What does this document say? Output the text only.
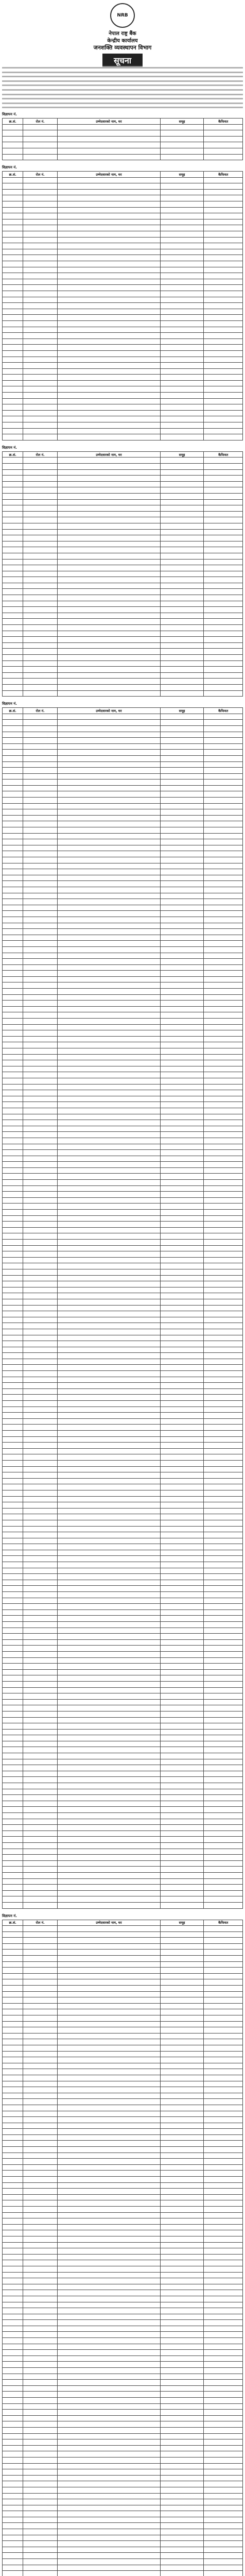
NRB
नेपाल राष्ट्र बैंक
केन्द्रीय कार्यालय
जनशक्ति व्यवस्थापन विभाग
सूचना
विज्ञापन नं.
क्र.सं.	रोल नं.	उम्मेदवारको नाम, थर	समूह	कैफियत

विज्ञापन नं.
क्र.सं.	रोल नं.	उम्मेदवारको नाम, थर	समूह	कैफियत

विज्ञापन नं.
क्र.सं.	रोल नं.	उम्मेदवारको नाम, थर	समूह	कैफियत

विज्ञापन नं.
क्र.सं.	रोल नं.	उम्मेदवारको नाम, थर	समूह	कैफियत

विज्ञापन नं.
क्र.सं.	रोल नं.	उम्मेदवारको नाम, थर	समूह	कैफियत
